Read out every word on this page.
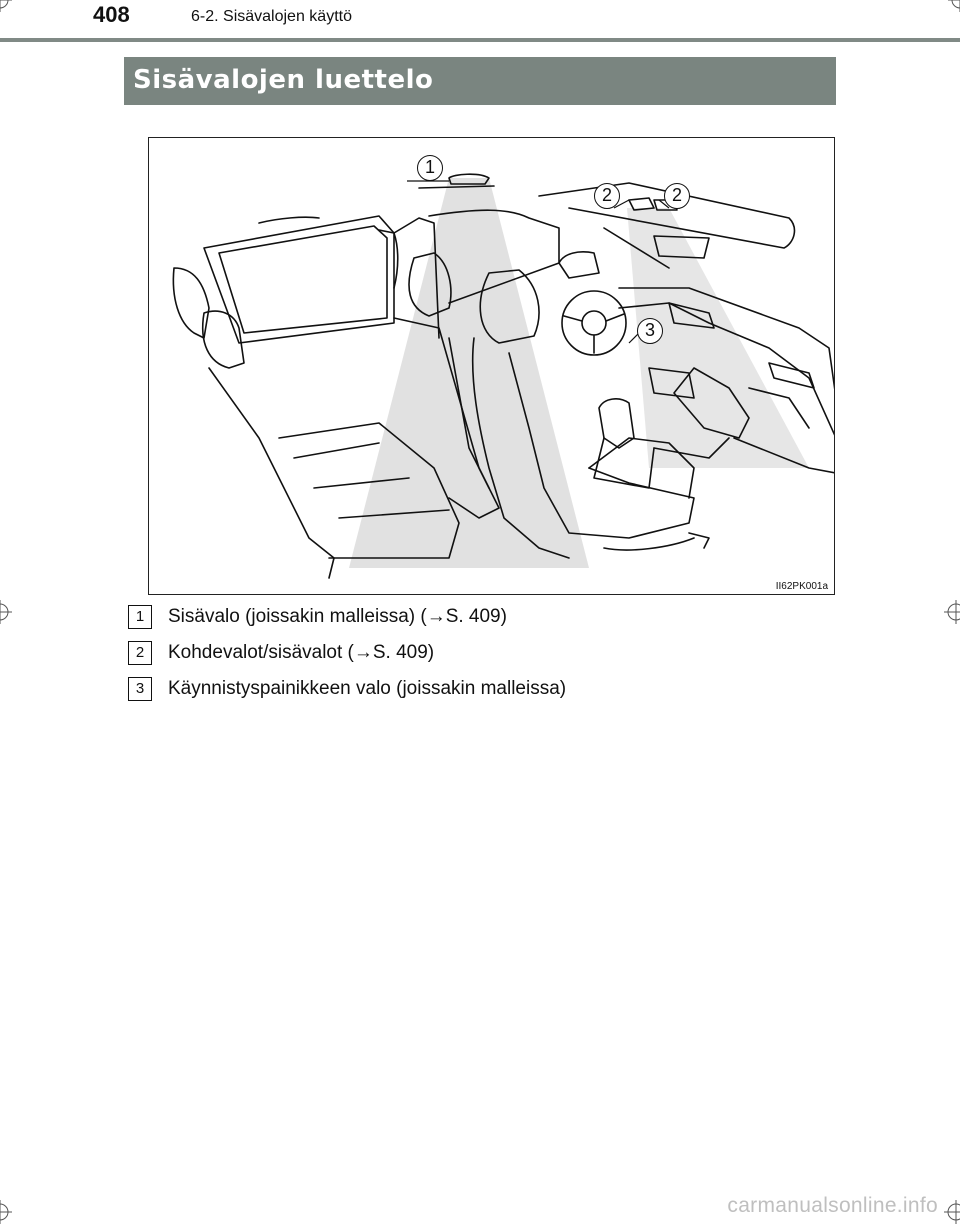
408	6-2. Sisävalojen käyttö
Sisävalojen luettelo
1
2	2
3
II62PK001a
1	Sisävalo (joissakin malleissa) (→S. 409)
2	Kohdevalot/sisävalot (→S. 409)
3	Käynnistyspainikkeen valo (joissakin malleissa)
carmanualsonline.info
